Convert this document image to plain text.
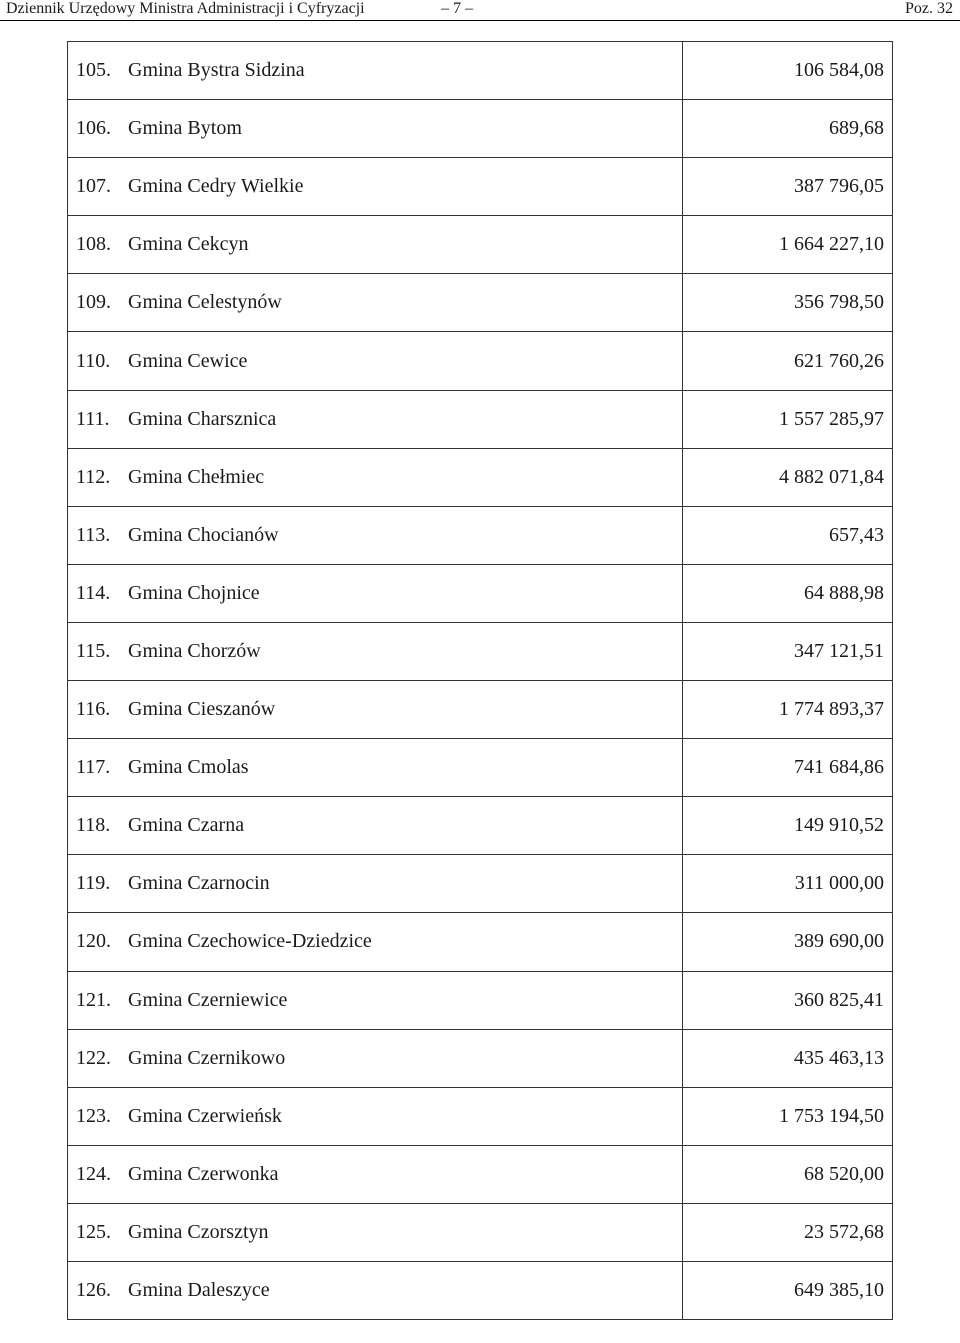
Dziennik Urzędowy Ministra Administracji i Cyfryzacji	– 7 –	Poz. 32
105.	Gmina Bystra Sidzina	106 584,08
106.	Gmina Bytom	689,68
107.	Gmina Cedry Wielkie	387 796,05
108.	Gmina Cekcyn	1 664 227,10
109.	Gmina Celestynów	356 798,50
110.	Gmina Cewice	621 760,26
111.	Gmina Charsznica	1 557 285,97
112.	Gmina Chełmiec	4 882 071,84
113.	Gmina Chocianów	657,43
114.	Gmina Chojnice	64 888,98
115.	Gmina Chorzów	347 121,51
116.	Gmina Cieszanów	1 774 893,37
117.	Gmina Cmolas	741 684,86
118.	Gmina Czarna	149 910,52
119.	Gmina Czarnocin	311 000,00
120.	Gmina Czechowice-Dziedzice	389 690,00
121.	Gmina Czerniewice	360 825,41
122.	Gmina Czernikowo	435 463,13
123.	Gmina Czerwieńsk	1 753 194,50
124.	Gmina Czerwonka	68 520,00
125.	Gmina Czorsztyn	23 572,68
126.	Gmina Daleszyce	649 385,10
